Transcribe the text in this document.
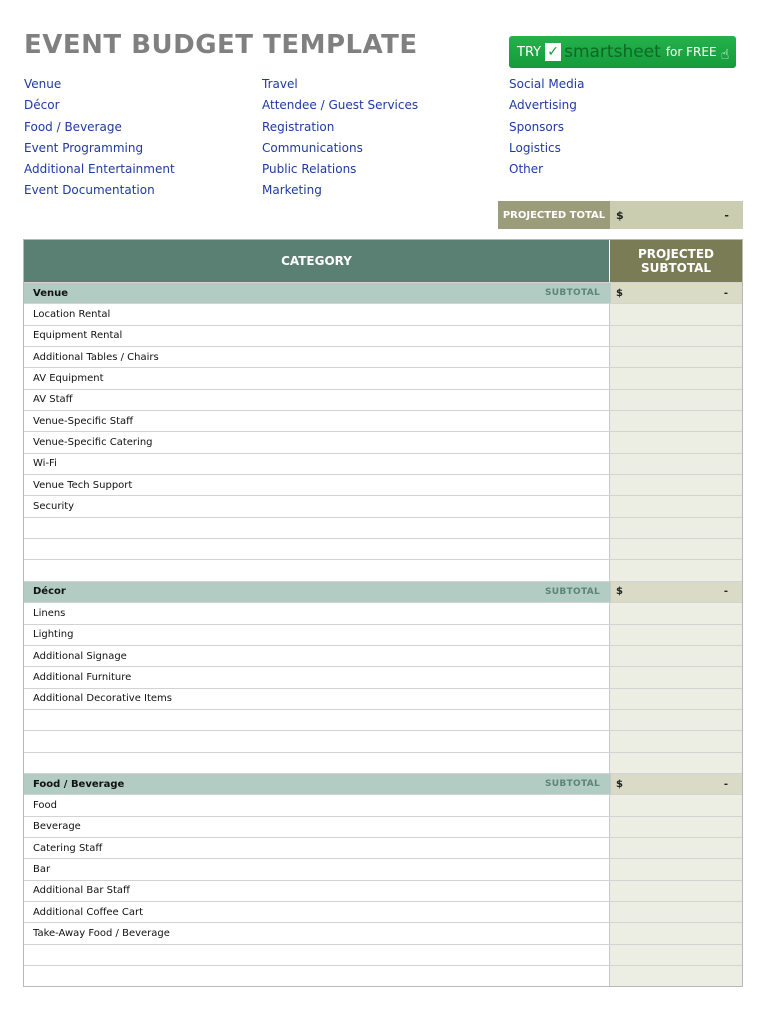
EVENT BUDGET TEMPLATE	TRY ✓ smartsheet for FREE ☝
Venue
Décor
Food / Beverage
Event Programming
Additional Entertainment
Event Documentation
Travel
Attendee / Guest Services
Registration
Communications
Public Relations
Marketing
Social Media
Advertising
Sponsors
Logistics
Other
PROJECTED TOTAL $	-
CATEGORY	PROJECTED SUBTOTAL
Venue	SUBTOTAL $	-
Location Rental
Equipment Rental
Additional Tables / Chairs
AV Equipment
AV Staff
Venue-Specific Staff
Venue-Specific Catering
Wi-Fi
Venue Tech Support
Security
Décor	SUBTOTAL $	-
Linens
Lighting
Additional Signage
Additional Furniture
Additional Decorative Items
Food / Beverage	SUBTOTAL $	-
Food
Beverage
Catering Staff
Bar
Additional Bar Staff
Additional Coffee Cart
Take-Away Food / Beverage
